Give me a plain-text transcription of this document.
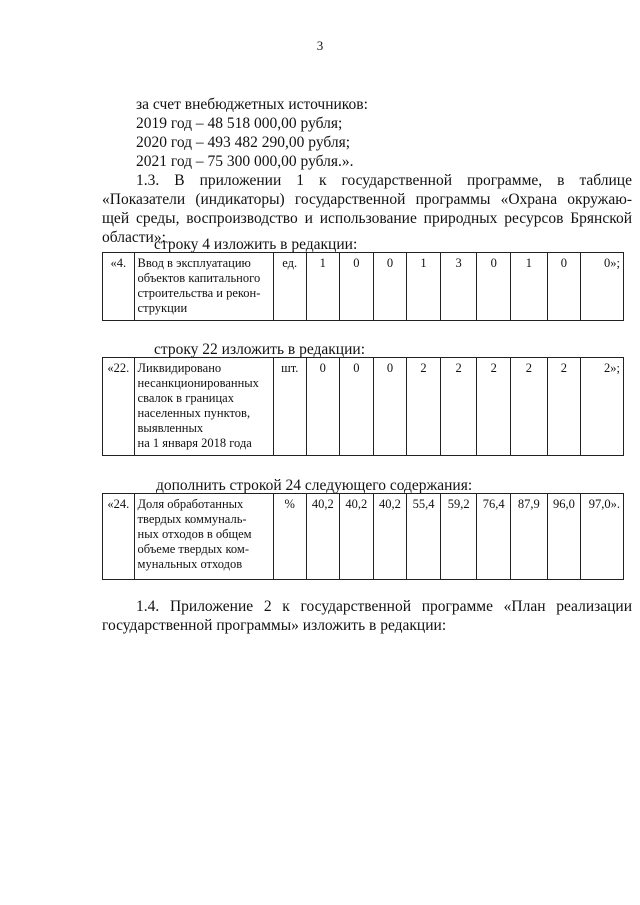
3
за счет внебюджетных источников:
2019 год – 48 518 000,00 рубля;
2020 год – 493 482 290,00 рубля;
2021 год – 75 300 000,00 рубля.».
1.3. В приложении 1 к государственной программе, в таблице
«Показатели (индикаторы) государственной программы «Охрана окружаю-
щей среды, воспроизводство и использование природных ресурсов Брянской
области»:
строку 4 изложить в редакции:
«4.	Ввод в эксплуатацию
объектов капитального
строительства и рекон-
струкции
	ед.	1	0	0	1	3	0	1	0	0»;
строку 22 изложить в редакции:
«22.	Ликвидировано
несанкционированных
свалок в границах
населенных пунктов,
выявленных
на 1 января 2018 года
	шт.	0	0	0	2	2	2	2	2	2»;
дополнить строкой 24 следующего содержания:
«24.	Доля обработанных
твердых коммуналь-
ных отходов в общем
объеме твердых ком-
мунальных отходов
	%	40,2	40,2	40,2	55,4	59,2	76,4	87,9	96,0	97,0».
1.4. Приложение 2 к государственной программе «План реализации
государственной программы» изложить в редакции:
